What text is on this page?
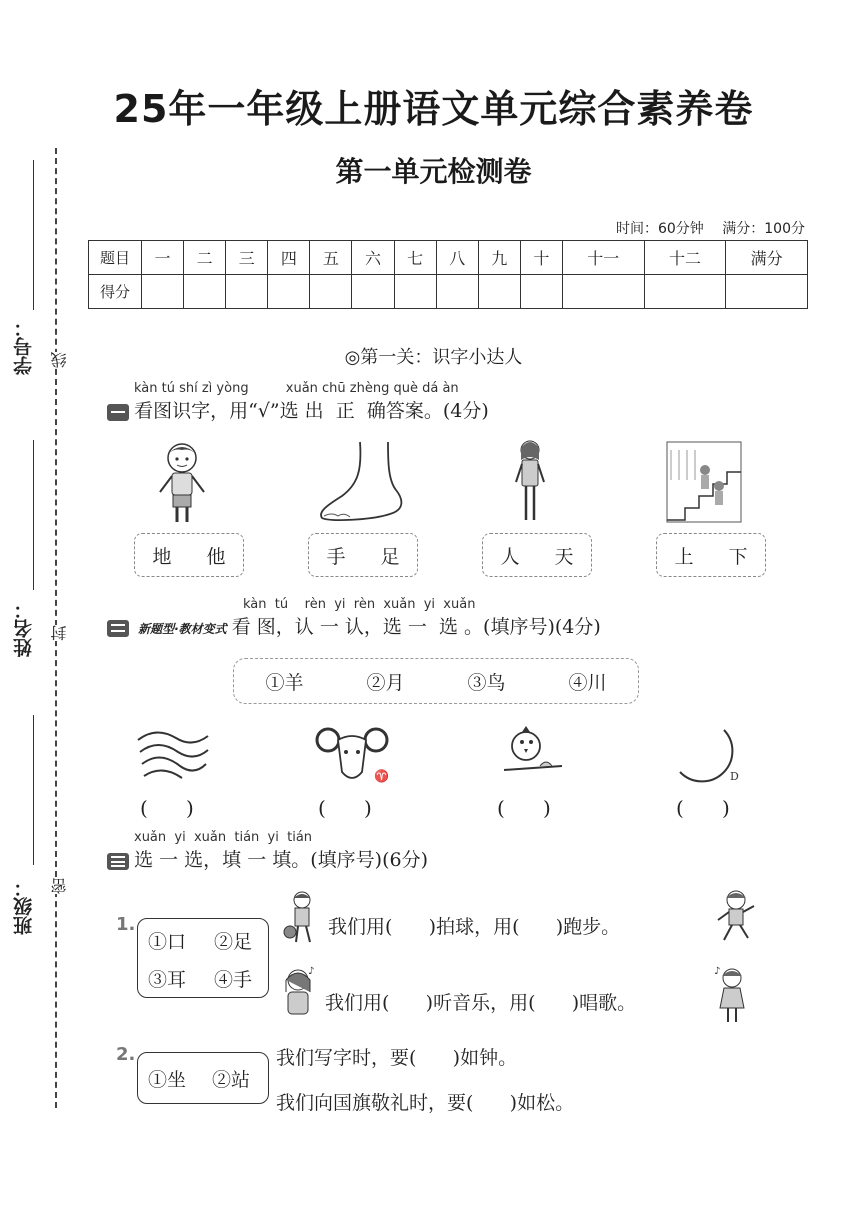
25年一年级上册语文单元综合素养卷
第一单元检测卷
时间：60分钟 满分：100分
题目	一	二	三	四	五	六	七	八	九	十	十一	十二	满分
得分													
学号：
姓名：
班级：
线
封
密
◎第一关：识字小达人
kàn tú shí zì yòng         xuǎn chū zhèng què dá àn
看图识字，用“√”选 出  正  确答案。(4分)
地 他	手 足	人 天	上 下
kàn  tú    rèn  yi  rèn  xuǎn  yi  xuǎn
新题型·教材变式 看 图，认 一 认，选 一  选 。(填序号)(4分)
①羊	②月	③鸟	④川
♈	D
(      )	(      )	(      )	(      )
xuǎn  yi  xuǎn  tián  yi  tián
选 一 选，填 一 填。(填序号)(6分)
1.
①口 ②足
③耳 ④手	♪	♪
我们用(      )拍球，用(      )跑步。
我们用(      )听音乐，用(      )唱歌。
2.
①坐 ②站
我们写字时，要(      )如钟。
我们向国旗敬礼时，要(      )如松。
